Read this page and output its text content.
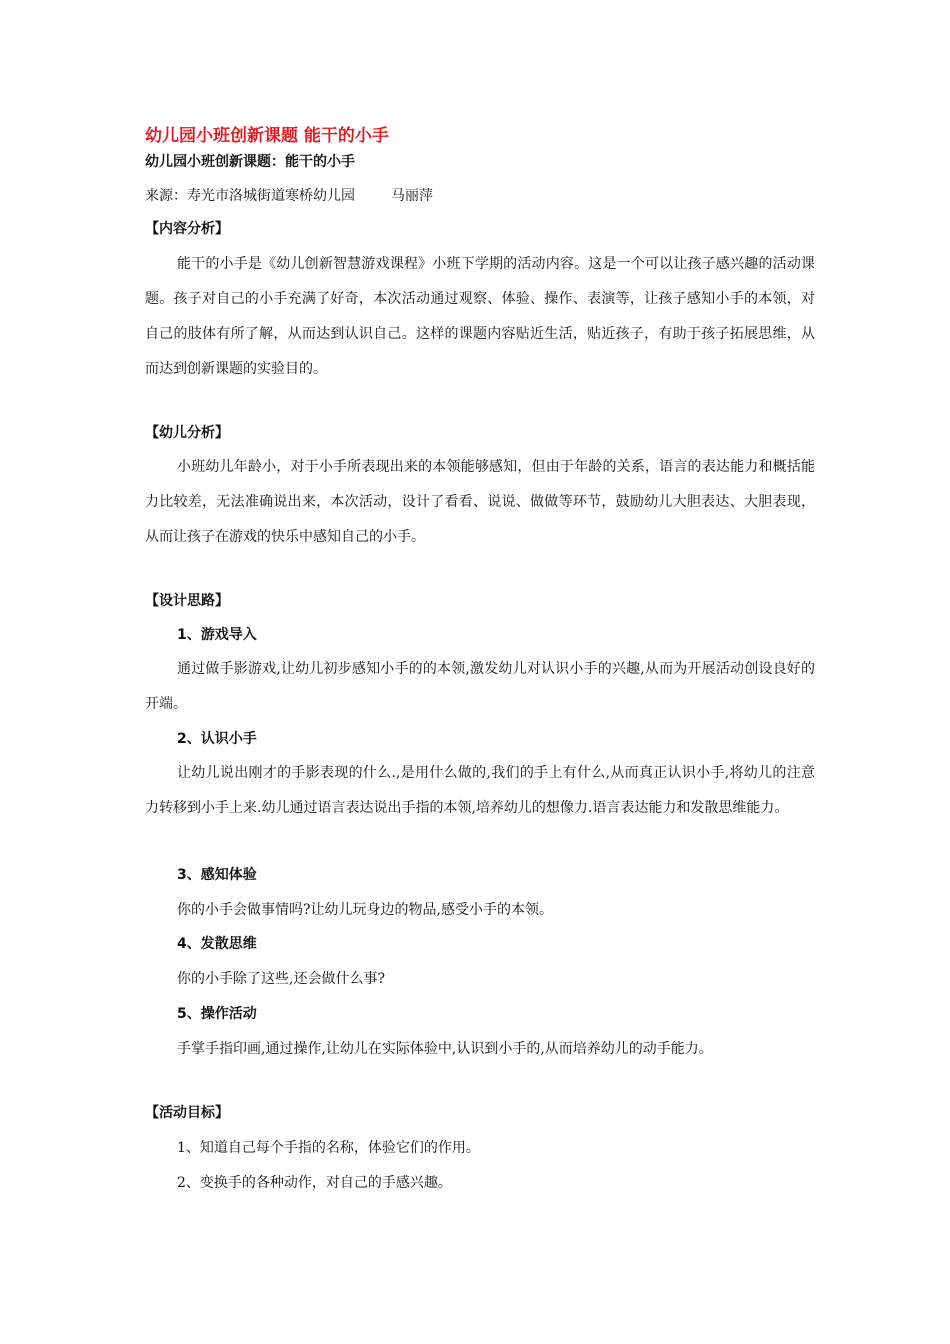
幼儿园小班创新课题 能干的小手
幼儿园小班创新课题：能干的小手
来源：寿光市洛城街道寒桥幼儿园	马丽萍
【内容分析】
能干的小手是《幼儿创新智慧游戏课程》小班下学期的活动内容。这是一个可以让孩子感兴趣的活动课题。孩子对自己的小手充满了好奇，本次活动通过观察、体验、操作、表演等，让孩子感知小手的本领，对自己的肢体有所了解，从而达到认识自己。这样的课题内容贴近生活，贴近孩子，有助于孩子拓展思维，从而达到创新课题的实验目的。
【幼儿分析】
小班幼儿年龄小，对于小手所表现出来的本领能够感知，但由于年龄的关系，语言的表达能力和概括能力比较差，无法准确说出来，本次活动，设计了看看、说说、做做等环节，鼓励幼儿大胆表达、大胆表现，从而让孩子在游戏的快乐中感知自己的小手。
【设计思路】
1、游戏导入
通过做手影游戏,让幼儿初步感知小手的的本领,激发幼儿对认识小手的兴趣,从而为开展活动创设良好的开端。
2、认识小手
让幼儿说出刚才的手影表现的什么.,是用什么做的,我们的手上有什么,从而真正认识小手,将幼儿的注意力转移到小手上来.幼儿通过语言表达说出手指的本领,培养幼儿的想像力.语言表达能力和发散思维能力。
3、感知体验
你的小手会做事情吗?让幼儿玩身边的物品,感受小手的本领。
4、发散思维
你的小手除了这些,还会做什么事?
5、操作活动
手掌手指印画,通过操作,让幼儿在实际体验中,认识到小手的,从而培养幼儿的动手能力。
【活动目标】
1、知道自己每个手指的名称，体验它们的作用。
2、变换手的各种动作，对自己的手感兴趣。
